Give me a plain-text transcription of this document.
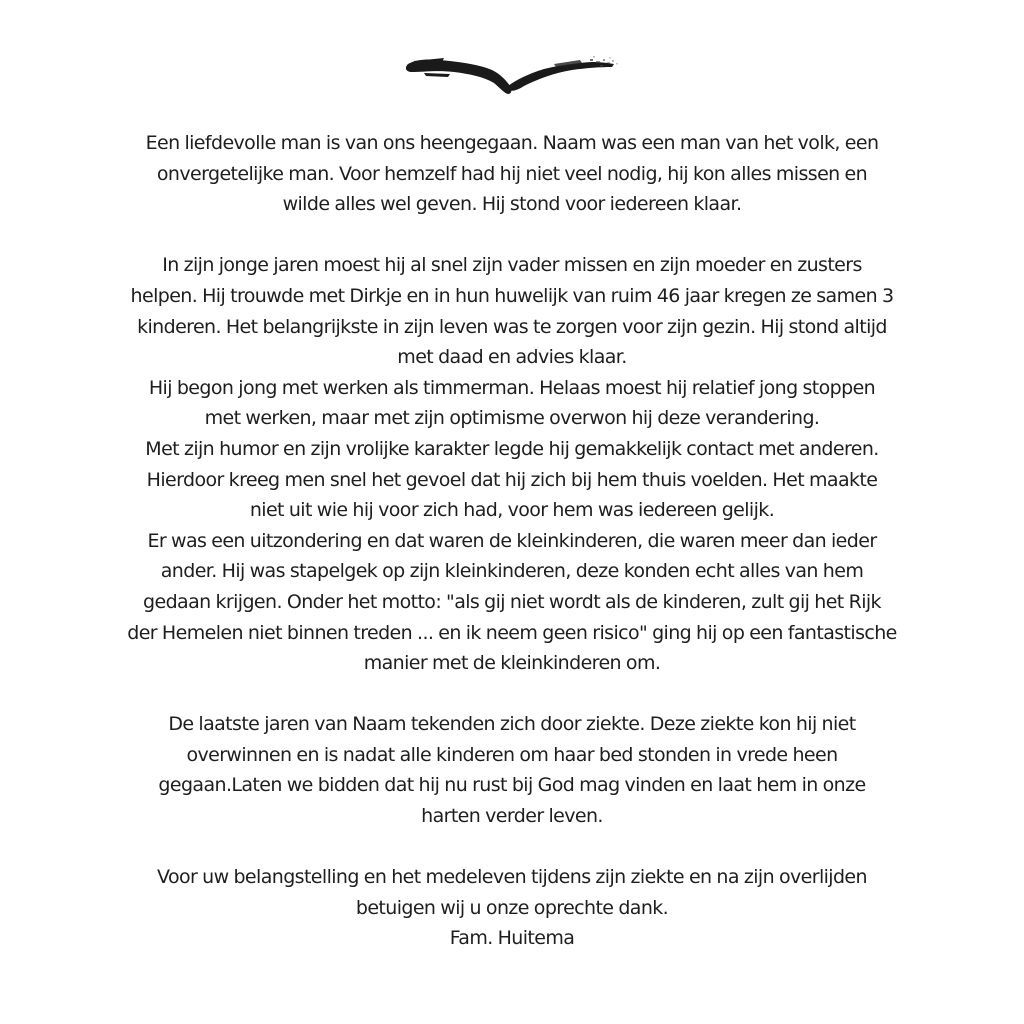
Een liefdevolle man is van ons heengegaan. Naam was een man van het volk, een
onvergetelijke man. Voor hemzelf had hij niet veel nodig, hij kon alles missen en
wilde alles wel geven. Hij stond voor iedereen klaar.
In zijn jonge jaren moest hij al snel zijn vader missen en zijn moeder en zusters
helpen. Hij trouwde met Dirkje en in hun huwelijk van ruim 46 jaar kregen ze samen 3
kinderen. Het belangrijkste in zijn leven was te zorgen voor zijn gezin. Hij stond altijd
met daad en advies klaar.
Hij begon jong met werken als timmerman. Helaas moest hij relatief jong stoppen
met werken, maar met zijn optimisme overwon hij deze verandering.
Met zijn humor en zijn vrolijke karakter legde hij gemakkelijk contact met anderen.
Hierdoor kreeg men snel het gevoel dat hij zich bij hem thuis voelden. Het maakte
niet uit wie hij voor zich had, voor hem was iedereen gelijk.
Er was een uitzondering en dat waren de kleinkinderen, die waren meer dan ieder
ander. Hij was stapelgek op zijn kleinkinderen, deze konden echt alles van hem
gedaan krijgen. Onder het motto: "als gij niet wordt als de kinderen, zult gij het Rijk
der Hemelen niet binnen treden ... en ik neem geen risico" ging hij op een fantastische
manier met de kleinkinderen om.
De laatste jaren van Naam tekenden zich door ziekte. Deze ziekte kon hij niet
overwinnen en is nadat alle kinderen om haar bed stonden in vrede heen
gegaan.Laten we bidden dat hij nu rust bij God mag vinden en laat hem in onze
harten verder leven.
Voor uw belangstelling en het medeleven tijdens zijn ziekte en na zijn overlijden
betuigen wij u onze oprechte dank.
Fam. Huitema
